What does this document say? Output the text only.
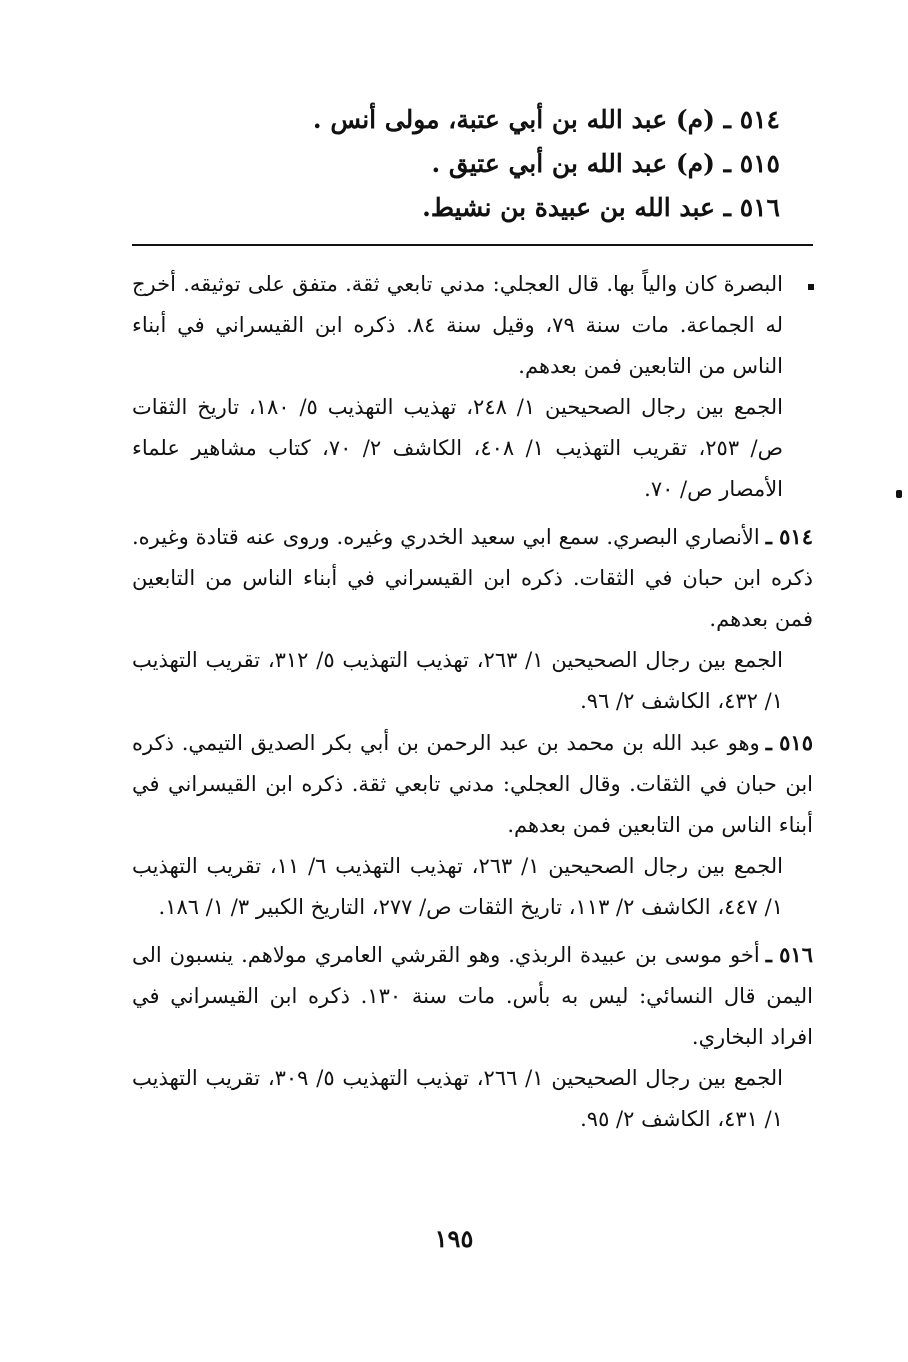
٥١٤ ـ (م) عبد الله بن أبي عتبة، مولى أنس .
٥١٥ ـ (م) عبد الله بن أبي عتيق .
٥١٦ ـ عبد الله بن عبيدة بن نشيط.
البصرة كان والياً بها. قال العجلي: مدني تابعي ثقة. متفق على توثيقه. أخرج له الجماعة. مات سنة ٧٩، وقيل سنة ٨٤. ذكره ابن القيسراني في أبناء الناس من التابعين فمن بعدهم.
الجمع بين رجال الصحيحين ١/ ٢٤٨، تهذيب التهذيب ٥/ ١٨٠، تاريخ الثقات ص/ ٢٥٣، تقريب التهذيب ١/ ٤٠٨، الكاشف ٢/ ٧٠، كتاب مشاهير علماء الأمصار ص/ ٧٠.
٥١٤ ـالأنصاري البصري. سمع ابي سعيد الخدري وغيره. وروى عنه قتادة وغيره. ذكره ابن حبان في الثقات. ذكره ابن القيسراني في أبناء الناس من التابعين فمن بعدهم.
الجمع بين رجال الصحيحين ١/ ٢٦٣، تهذيب التهذيب ٥/ ٣١٢، تقريب التهذيب ١/ ٤٣٢، الكاشف ٢/ ٩٦.
٥١٥ ـوهو عبد الله بن محمد بن عبد الرحمن بن أبي بكر الصديق التيمي. ذكره ابن حبان في الثقات. وقال العجلي: مدني تابعي ثقة. ذكره ابن القيسراني في أبناء الناس من التابعين فمن بعدهم.
الجمع بين رجال الصحيحين ١/ ٢٦٣، تهذيب التهذيب ٦/ ١١، تقريب التهذيب ١/ ٤٤٧، الكاشف ٢/ ١١٣، تاريخ الثقات ص/ ٢٧٧، التاريخ الكبير ٣/ ١/ ١٨٦.
٥١٦ ـأخو موسى بن عبيدة الربذي. وهو القرشي العامري مولاهم. ينسبون الى اليمن قال النسائي: ليس به بأس. مات سنة ١٣٠. ذكره ابن القيسراني في افراد البخاري.
الجمع بين رجال الصحيحين ١/ ٢٦٦، تهذيب التهذيب ٥/ ٣٠٩، تقريب التهذيب ١/ ٤٣١، الكاشف ٢/ ٩٥.
١٩٥
